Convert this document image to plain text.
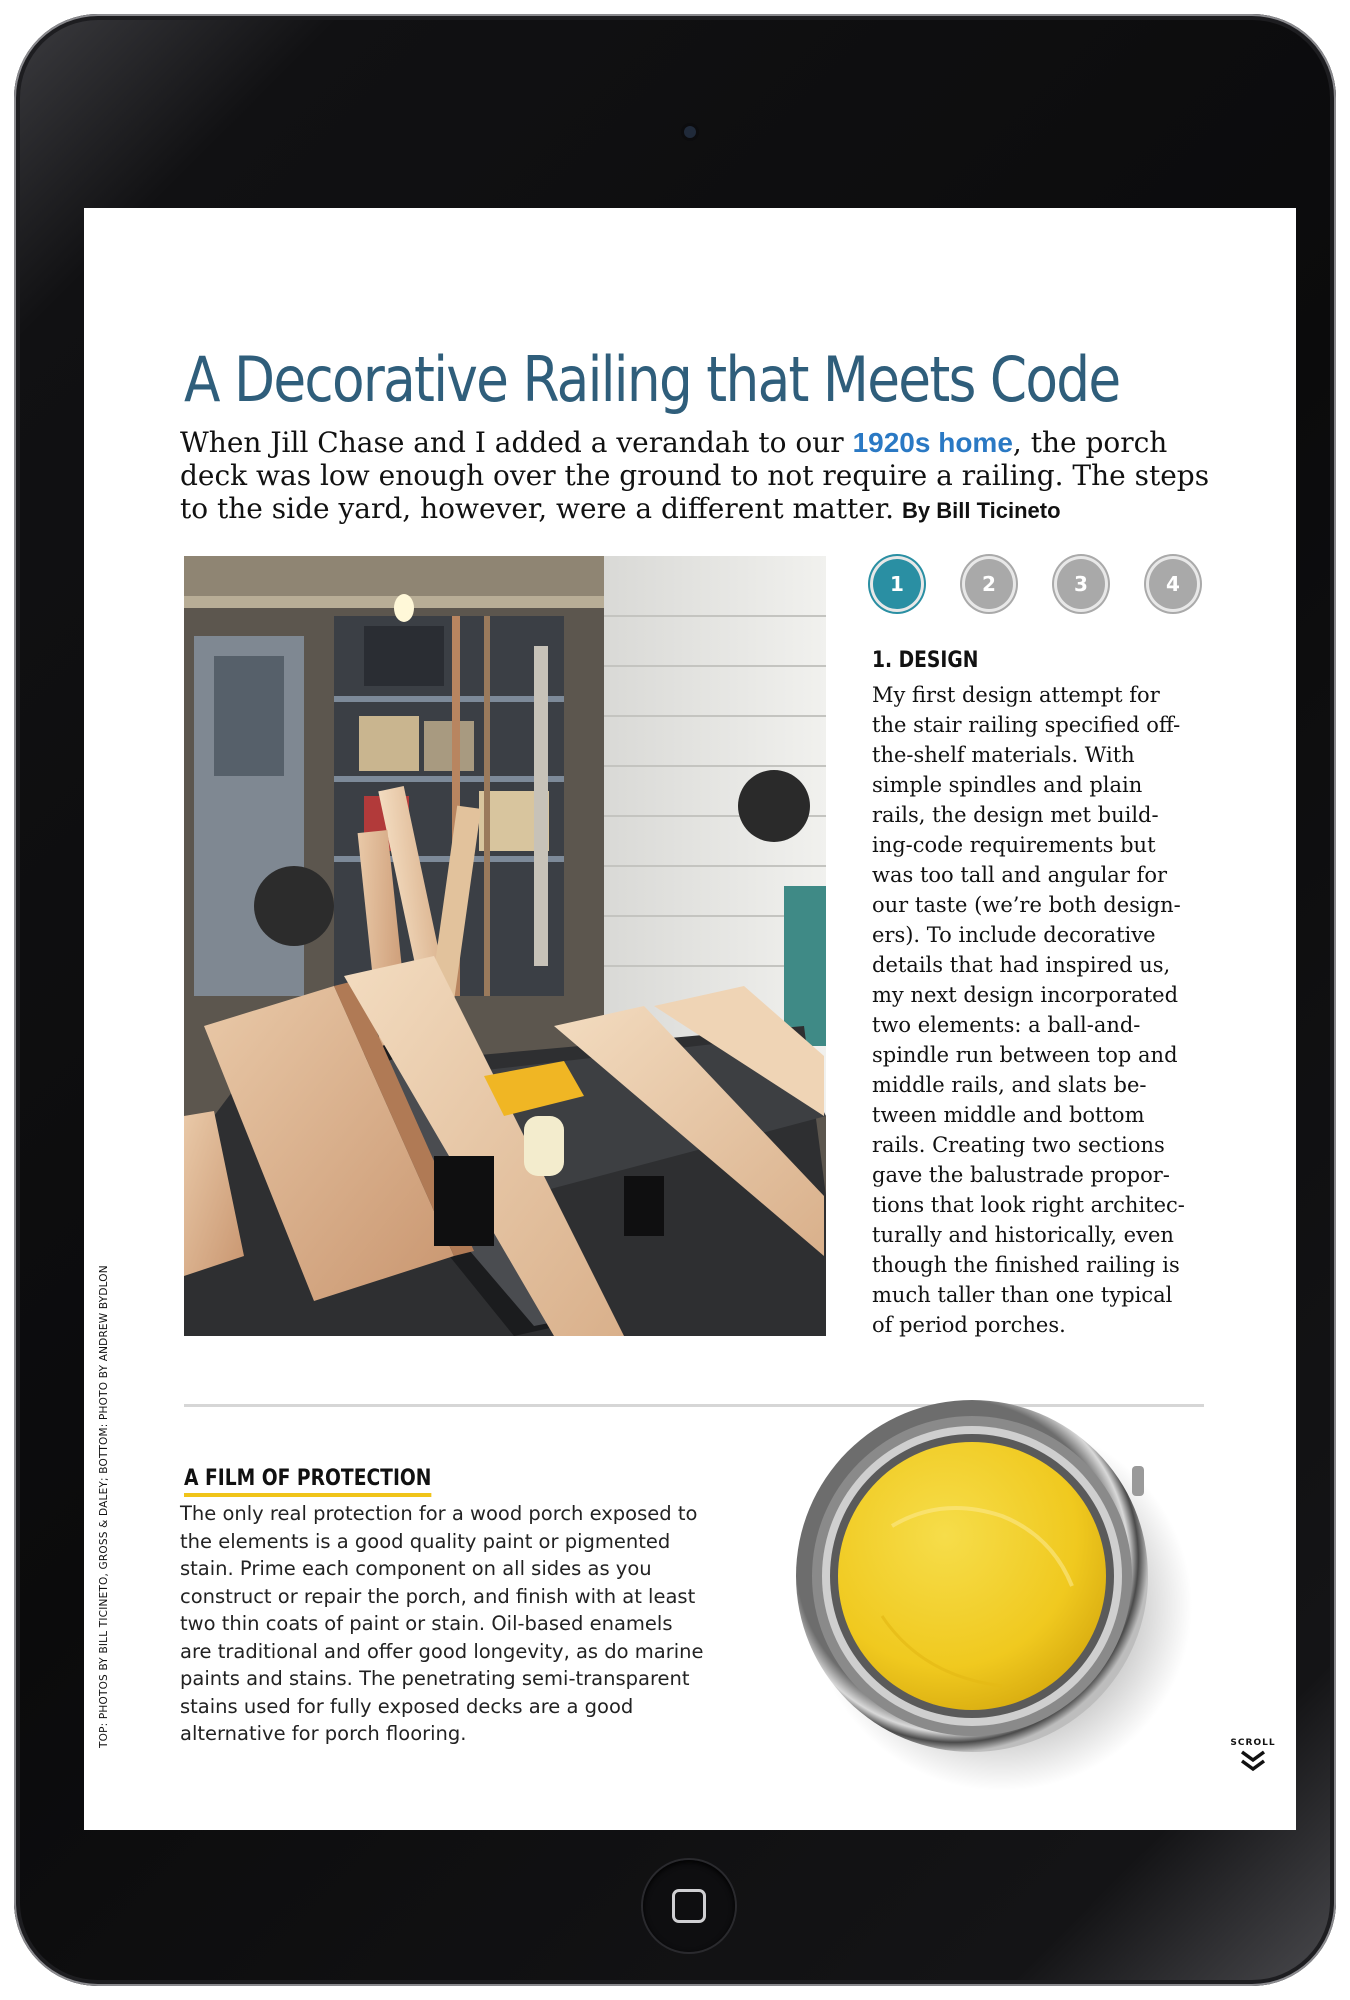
A Decorative Railing that Meets Code
When Jill Chase and I added a verandah to our 1920s home, the porch
deck was low enough over the ground to not require a railing. The steps
to the side yard, however, were a different matter. By Bill Ticineto
1	2	3	4
1. DESIGN
My first design attempt for
the stair railing specified off-
the-shelf materials. With
simple spindles and plain
rails, the design met build-
ing-code requirements but
was too tall and angular for
our taste (we’re both design-
ers). To include decorative
details that had inspired us,
my next design incorporated
two elements: a ball-and-
spindle run between top and
middle rails, and slats be-
tween middle and bottom
rails. Creating two sections
gave the balustrade propor-
tions that look right architec-
turally and historically, even
though the finished railing is
much taller than one typical
of period porches.
A FILM OF PROTECTION
The only real protection for a wood porch exposed to
the elements is a good quality paint or pigmented
stain. Prime each component on all sides as you
construct or repair the porch, and finish with at least
two thin coats of paint or stain. Oil-based enamels
are traditional and offer good longevity, as do marine
paints and stains. The penetrating semi-transparent
stains used for fully exposed decks are a good
alternative for porch flooring.
TOP: PHOTOS BY BILL TICINETO, GROSS & DALEY; BOTTOM: PHOTO BY ANDREW BYDLON	SCROLL
